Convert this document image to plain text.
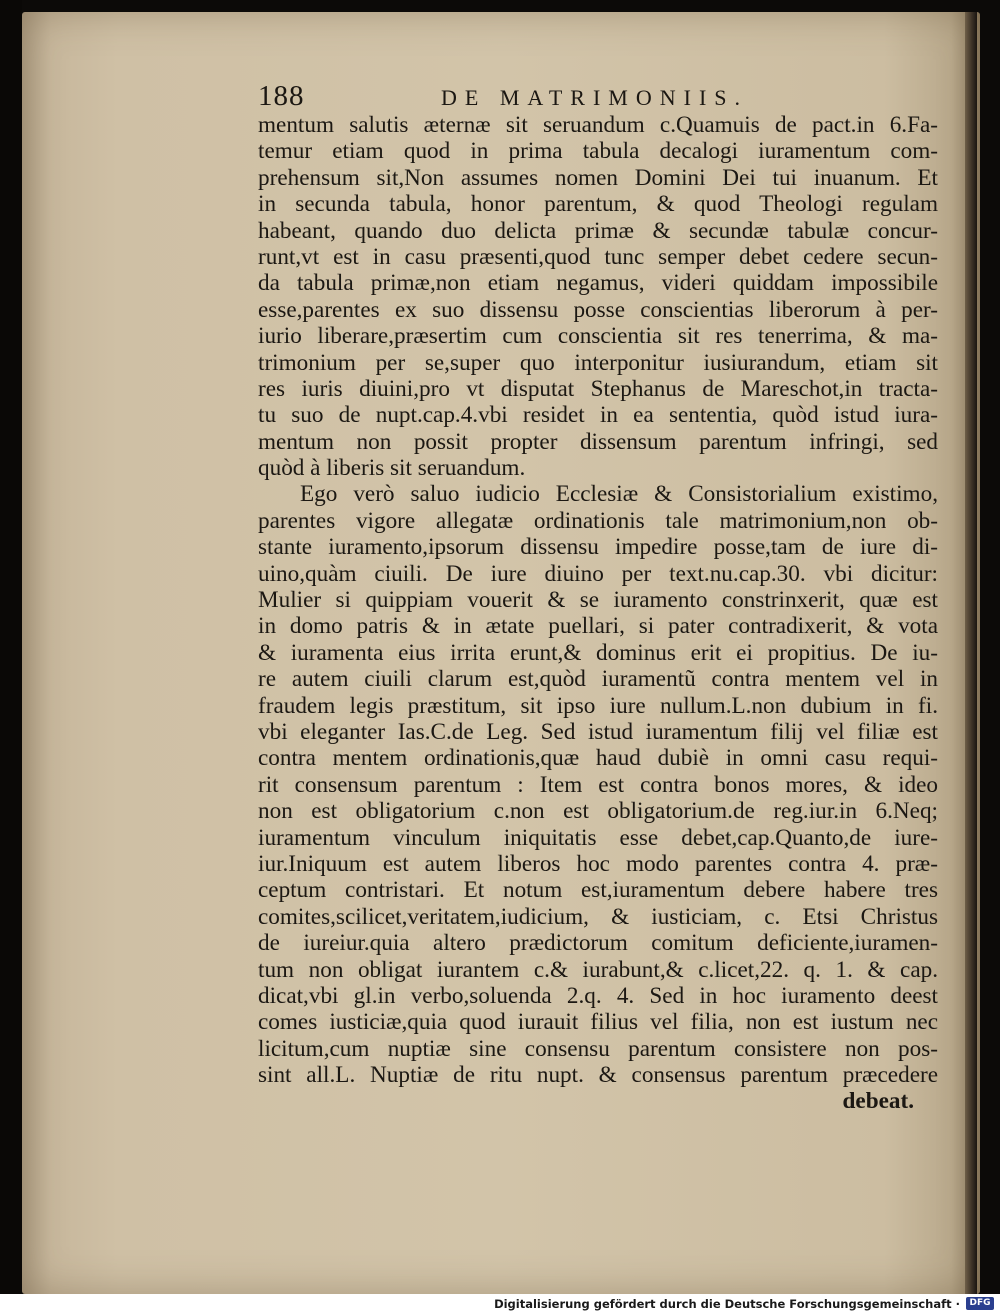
188	DE MATRIMONIIS.
mentum salutis æternæ sit seruandum c.Quamuis de pact.in 6.Fa-
temur etiam quod in prima tabula decalogi iuramentum com-
prehensum sit,Non assumes nomen Domini Dei tui inuanum. Et
in secunda tabula, honor parentum, & quod Theologi regulam
habeant, quando duo delicta primæ & secundæ tabulæ concur-
runt,vt est in casu præsenti,quod tunc semper debet cedere secun-
da tabula primæ,non etiam negamus, videri quiddam impossibile
esse,parentes ex suo dissensu posse conscientias liberorum à per-
iurio liberare,præsertim cum conscientia sit res tenerrima, & ma-
trimonium per se,super quo interponitur iusiurandum, etiam sit
res iuris diuini,pro vt disputat Stephanus de Mareschot,in tracta-
tu suo de nupt.cap.4.vbi residet in ea sententia, quòd istud iura-
mentum non possit propter dissensum parentum infringi, sed
quòd à liberis sit seruandum.
Ego verò saluo iudicio Ecclesiæ & Consistorialium existimo,
parentes vigore allegatæ ordinationis tale matrimonium,non ob-
stante iuramento,ipsorum dissensu impedire posse,tam de iure di-
uino,quàm ciuili. De iure diuino per text.nu.cap.30. vbi dicitur:
Mulier si quippiam vouerit & se iuramento constrinxerit, quæ est
in domo patris & in ætate puellari, si pater contradixerit, & vota
& iuramenta eius irrita erunt,& dominus erit ei propitius. De iu-
re autem ciuili clarum est,quòd iuramentũ contra mentem vel in
fraudem legis præstitum, sit ipso iure nullum.L.non dubium in fi.
vbi eleganter Ias.C.de Leg. Sed istud iuramentum filij vel filiæ est
contra mentem ordinationis,quæ haud dubiè in omni casu requi-
rit consensum parentum : Item est contra bonos mores, & ideo
non est obligatorium c.non est obligatorium.de reg.iur.in 6.Neq;
iuramentum vinculum iniquitatis esse debet,cap.Quanto,de iure-
iur.Iniquum est autem liberos hoc modo parentes contra 4. præ-
ceptum contristari. Et notum est,iuramentum debere habere tres
comites,scilicet,veritatem,iudicium, & iusticiam, c. Etsi Christus
de iureiur.quia altero prædictorum comitum deficiente,iuramen-
tum non obligat iurantem c.& iurabunt,& c.licet,22. q. 1. & cap.
dicat,vbi gl.in verbo,soluenda 2.q. 4. Sed in hoc iuramento deest
comes iusticiæ,quia quod iurauit filius vel filia, non est iustum nec
licitum,cum nuptiæ sine consensu parentum consistere non pos-
sint all.L. Nuptiæ de ritu nupt. & consensus parentum præcedere
debeat.
Digitalisierung gefördert durch die Deutsche Forschungsgemeinschaft ·	DFG
